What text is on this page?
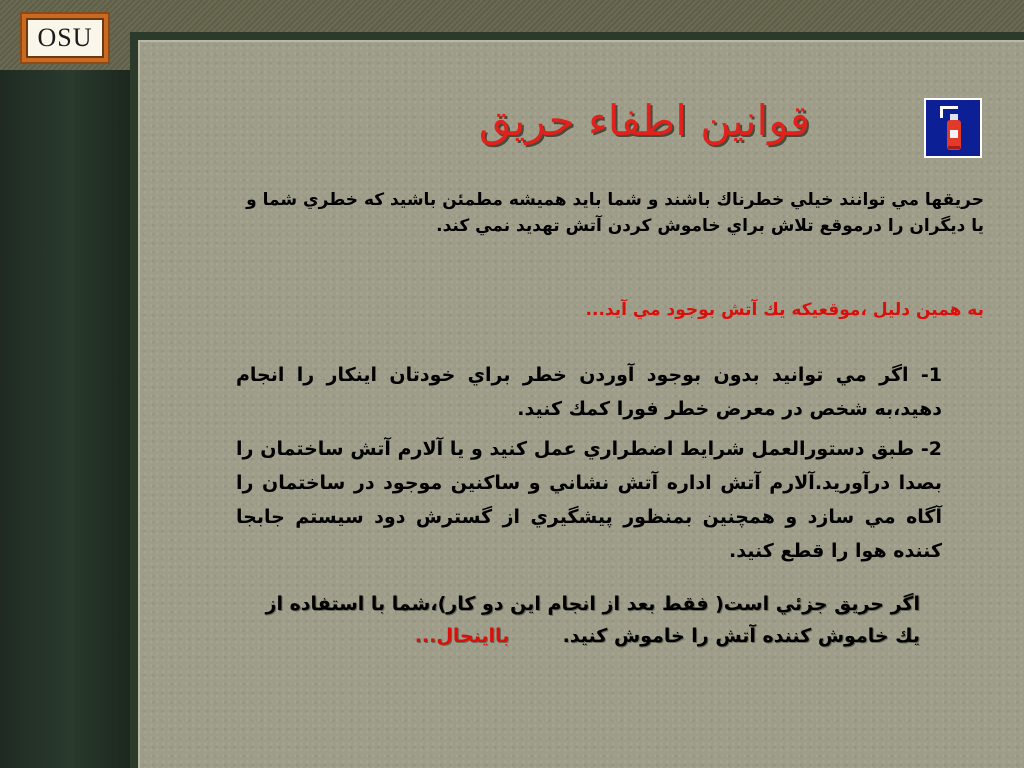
OSU
قوانين اطفاء حريق
حريقها مي توانند خيلي خطرناك باشند و شما بايد هميشه مطمئن باشيد كه خطري شما و يا ديگران را درموقع تلاش براي خاموش كردن آتش تهديد نمي كند.
به همين دليل ،موقعيكه يك آتش بوجود مي آيد...
1- اگر مي توانيد بدون بوجود آوردن خطر براي خودتان اينكار را انجام دهيد،به شخص در معرض خطر فورا كمك كنيد.
2- طبق دستورالعمل شرايط اضطراري عمل كنيد و يا آلارم آتش ساختمان را بصدا درآوريد.آلارم آتش اداره آتش نشاني و ساكنين موجود در ساختمان را آگاه مي سازد و همچنين بمنظور پيشگيري از گسترش دود سيستم جابجا كننده هوا را قطع كنيد.
اگر حريق جزئي است( فقط بعد از انجام اين دو كار)،شما با استفاده از يك خاموش كننده آتش را خاموش كنيد.  بااينحال...
